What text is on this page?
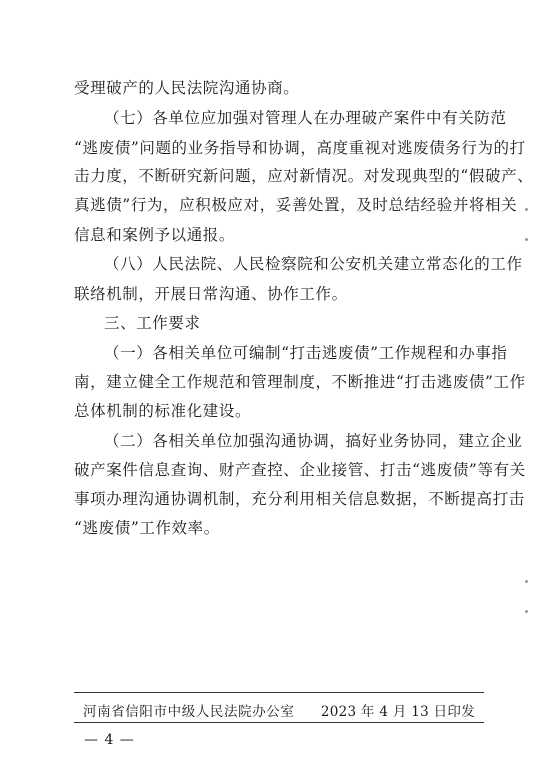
受理破产的人民法院沟通协商。
（七）各单位应加强对管理人在办理破产案件中有关防范
“逃废债”问题的业务指导和协调，高度重视对逃废债务行为的打
击力度，不断研究新问题，应对新情况。对发现典型的“假破产、
真逃债”行为，应积极应对，妥善处置，及时总结经验并将相关
信息和案例予以通报。
（八）人民法院、人民检察院和公安机关建立常态化的工作
联络机制，开展日常沟通、协作工作。
三、工作要求
（一）各相关单位可编制“打击逃废债”工作规程和办事指
南，建立健全工作规范和管理制度，不断推进“打击逃废债”工作
总体机制的标准化建设。
（二）各相关单位加强沟通协调，搞好业务协同，建立企业
破产案件信息查询、财产查控、企业接管、打击“逃废债”等有关
事项办理沟通协调机制，充分利用相关信息数据，不断提高打击
“逃废债”工作效率。
河南省信阳市中级人民法院办公室 2023 年 4 月 13 日印发
— 4 —
